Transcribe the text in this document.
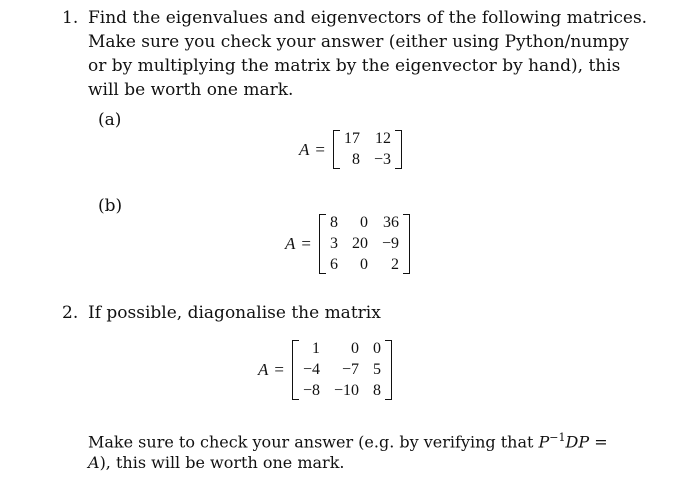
1. Find the eigenvalues and eigenvectors of the following matrices.
Make sure you check your answer (either using Python/numpy
or by multiplying the matrix by the eigenvector by hand), this
will be worth one mark.
(a)
A =
17 12
8 −3
(b)
A =
8	0 36
3 20 −9
6	0	2
2. If possible, diagonalise the matrix
A =
1	0 0
−4	−7 5
−8 −10 8
Make sure to check your answer (e.g. by verifying that $P^{-1}DP$ =
A), this will be worth one mark.
